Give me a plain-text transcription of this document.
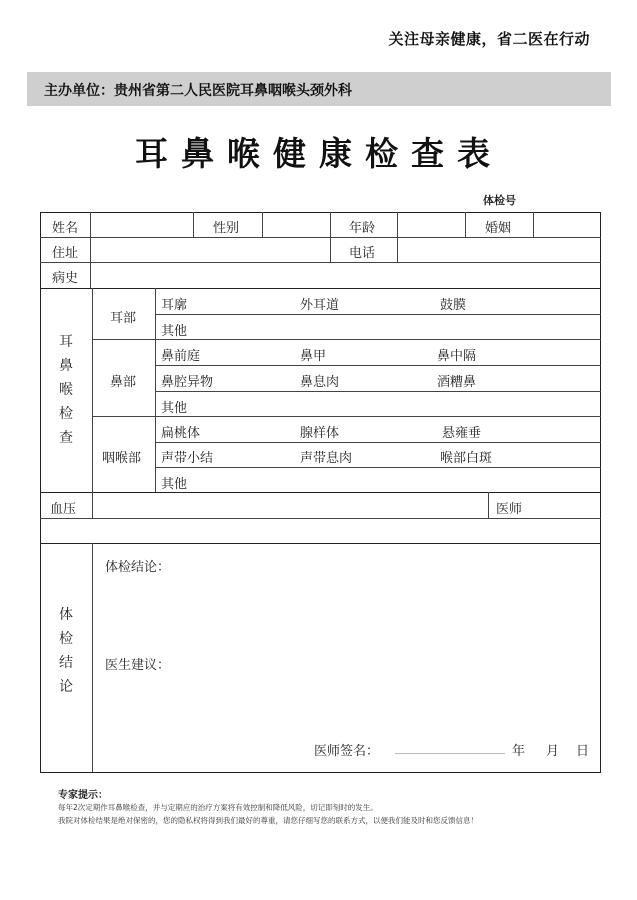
关注母亲健康，省二医在行动
主办单位：贵州省第二人民医院耳鼻咽喉头颈外科
耳鼻喉健康检查表
体检号
姓名	性别	年龄	婚姻
住址	电话
病史
耳
鼻
喉
检
查
耳部
耳廓	外耳道	鼓膜
其他
鼻部
鼻前庭	鼻甲	鼻中隔
鼻腔异物	鼻息肉	酒糟鼻
其他
咽喉部
扁桃体	腺样体	悬雍垂
声带小结	声带息肉	喉部白斑
其他
血压	医师
体
检
结
论
体检结论：
医生建议：
医师签名：	年 月 日
专家提示：
每年2次定期作耳鼻喉检查，并与定期应的治疗方案将有效控制和降低风险，切记即刻时的发生。
我院对体检结果是绝对保密的，您的隐私权将得到我们最好的尊重，请您仔细写您的联系方式，以便我们能及时和您反馈信息！
